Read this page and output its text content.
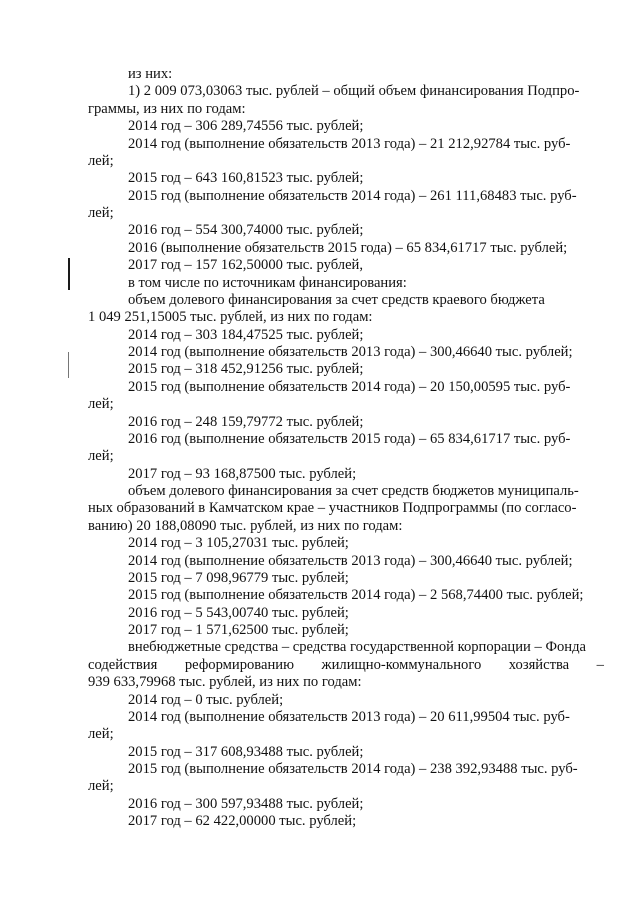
из них:
1) 2 009 073,03063 тыс. рублей – общий объем финансирования Подпро-
граммы, из них по годам:
2014 год – 306 289,74556 тыс. рублей;
2014 год (выполнение обязательств 2013 года) – 21 212,92784 тыс. руб-
лей;
2015 год – 643 160,81523 тыс. рублей;
2015 год (выполнение обязательств 2014 года) – 261 111,68483 тыс. руб-
лей;
2016 год – 554 300,74000 тыс. рублей;
2016 (выполнение обязательств 2015 года) – 65 834,61717 тыс. рублей;
2017 год – 157 162,50000 тыс. рублей,
в том числе по источникам финансирования:
объем долевого финансирования за счет средств краевого бюджета
1 049 251,15005 тыс. рублей, из них по годам:
2014 год – 303 184,47525 тыс. рублей;
2014 год (выполнение обязательств 2013 года) – 300,46640 тыс. рублей;
2015 год – 318 452,91256 тыс. рублей;
2015 год (выполнение обязательств 2014 года) – 20 150,00595 тыс. руб-
лей;
2016 год – 248 159,79772 тыс. рублей;
2016 год (выполнение обязательств 2015 года) – 65 834,61717 тыс. руб-
лей;
2017 год – 93 168,87500 тыс. рублей;
объем долевого финансирования за счет средств бюджетов муниципаль-
ных образований в Камчатском крае – участников Подпрограммы (по согласо-
ванию) 20 188,08090 тыс. рублей, из них по годам:
2014 год – 3 105,27031 тыс. рублей;
2014 год (выполнение обязательств 2013 года) – 300,46640 тыс. рублей;
2015 год – 7 098,96779 тыс. рублей;
2015 год (выполнение обязательств 2014 года) – 2 568,74400 тыс. рублей;
2016 год – 5 543,00740 тыс. рублей;
2017 год – 1 571,62500 тыс. рублей;
внебюджетные средства – средства государственной корпорации – Фонда
содействия реформированию жилищно-коммунального хозяйства –
939 633,79968 тыс. рублей, из них по годам:
2014 год – 0 тыс. рублей;
2014 год (выполнение обязательств 2013 года) – 20 611,99504 тыс. руб-
лей;
2015 год – 317 608,93488 тыс. рублей;
2015 год (выполнение обязательств 2014 года) – 238 392,93488 тыс. руб-
лей;
2016 год – 300 597,93488 тыс. рублей;
2017 год – 62 422,00000 тыс. рублей;
